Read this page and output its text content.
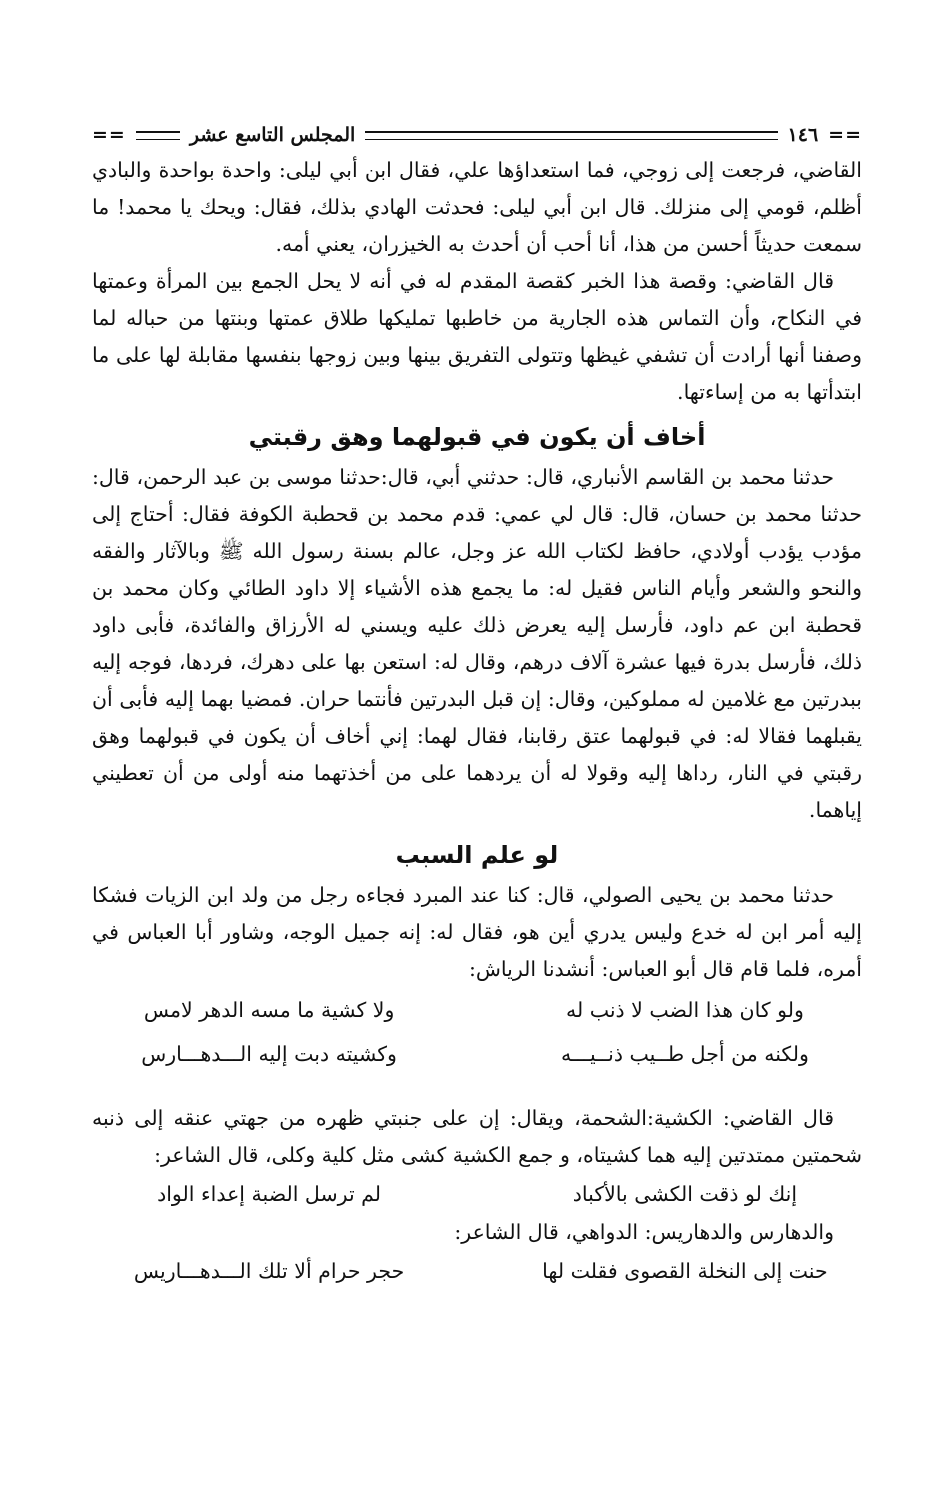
==
١٤٦
المجلس التاسع عشر
==

القاضي، فرجعت إلى زوجي، فما استعداؤها علي، فقال ابن أبي ليلى: واحدة بواحدة والبادي أظلم، قومي إلى منزلك. قال ابن أبي ليلى: فحدثت الهادي بذلك، فقال: ويحك يا محمد! ما سمعت حديثاً أحسن من هذا، أنا أحب أن أحدث به الخيزران، يعني أمه.

قال القاضي: وقصة هذا الخبر كقصة المقدم له في أنه لا يحل الجمع بين المرأة وعمتها في النكاح، وأن التماس هذه الجارية من خاطبها تمليكها طلاق عمتها وبنتها من حباله لما وصفنا أنها أرادت أن تشفي غيظها وتتولى التفريق بينها وبين زوجها بنفسها مقابلة لها على ما ابتدأتها به من إساءتها.

أخاف أن يكون في قبولهما وهق رقبتي

حدثنا محمد بن القاسم الأنباري، قال: حدثني أبي، قال:حدثنا موسى بن عبد الرحمن، قال: حدثنا محمد بن حسان، قال: قال لي عمي: قدم محمد بن قحطبة الكوفة فقال: أحتاج إلى مؤدب يؤدب أولادي، حافظ لكتاب الله عز وجل، عالم بسنة رسول الله ﷺ وبالآثار والفقه والنحو والشعر وأيام الناس فقيل له: ما يجمع هذه الأشياء إلا داود الطائي وكان محمد بن قحطبة ابن عم داود، فأرسل إليه يعرض ذلك عليه ويسني له الأرزاق والفائدة، فأبى داود ذلك، فأرسل بدرة فيها عشرة آلاف درهم، وقال له: استعن بها على دهرك، فردها، فوجه إليه ببدرتين مع غلامين له مملوكين، وقال: إن قبل البدرتين فأنتما حران. فمضيا بهما إليه فأبى أن يقبلهما فقالا له: في قبولهما عتق رقابنا، فقال لهما: إني أخاف أن يكون في قبولهما وهق رقبتي في النار، رداها إليه وقولا له أن يردهما على من أخذتهما منه أولى من أن تعطيني إياهما.

لو علم السبب

حدثنا محمد بن يحيى الصولي، قال: كنا عند المبرد فجاءه رجل من ولد ابن الزيات فشكا إليه أمر ابن له خدع وليس يدري أين هو، فقال له: إنه جميل الوجه، وشاور أبا العباس في أمره، فلما قام قال أبو العباس: أنشدنا الرياش:

ولو كان هذا الضب لا ذنب له
ولا كشية ما مسه الدهر لامس
ولكنه من أجل طــيب ذنــيـــه
وكشيته دبت إليه الـــدهـــارس

قال القاضي: الكشية:الشحمة، ويقال: إن على جنبتي ظهره من جهتي عنقه إلى ذنبه شحمتين ممتدتين إليه هما كشيتاه، و جمع الكشية كشى مثل كلية وكلى، قال الشاعر:

إنك لو ذقت الكشى بالأكباد
لم ترسل الضبة إعداء الواد

والدهارس والدهاريس: الدواهي، قال الشاعر:

حنت إلى النخلة القصوى فقلت لها
حجر حرام ألا تلك الـــدهـــاريس
